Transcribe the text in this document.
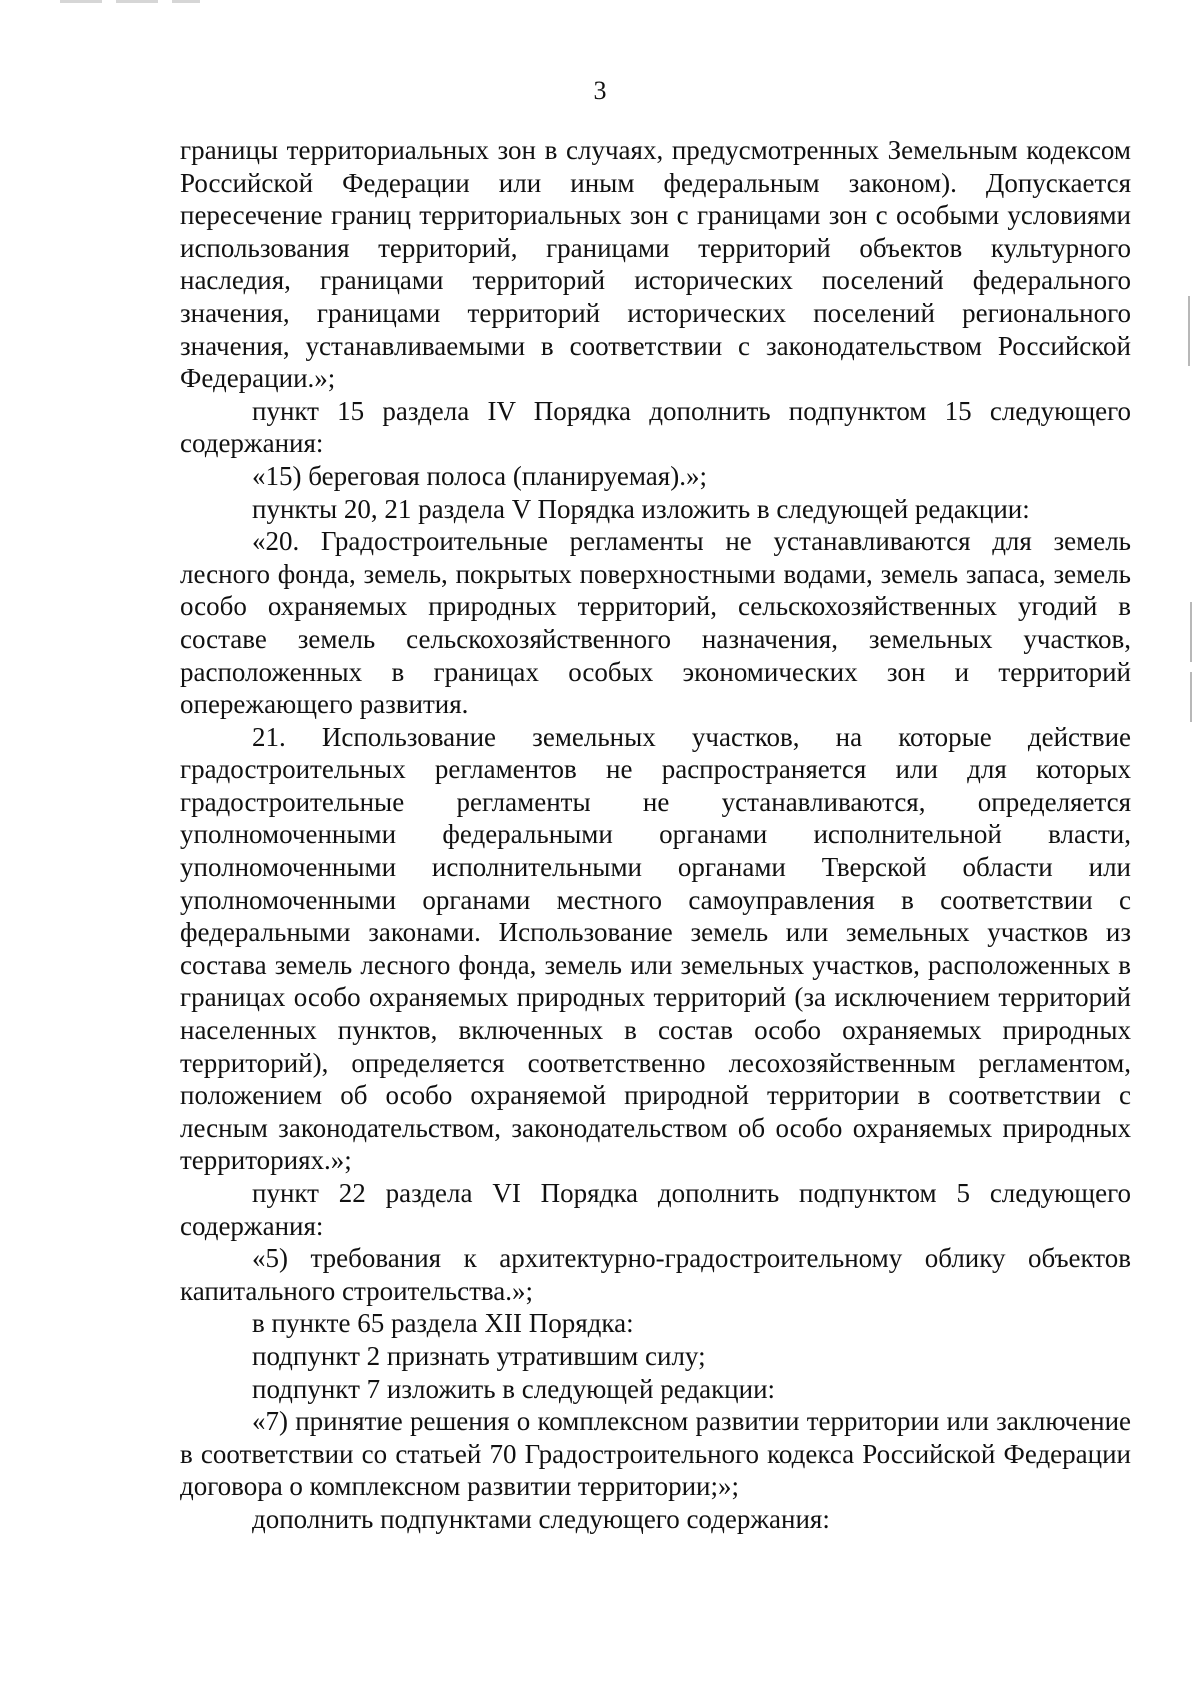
3

границы территориальных зон в случаях, предусмотренных Земельным кодексом Российской Федерации или иным федеральным законом). Допускается пересечение границ территориальных зон с границами зон с особыми условиями использования территорий, границами территорий объектов культурного наследия, границами территорий исторических поселений федерального значения, границами территорий исторических поселений регионального значения, устанавливаемыми в соответствии с законодательством Российской Федерации.»;

пункт 15 раздела IV Порядка дополнить подпунктом 15 следующего содержания:

«15) береговая полоса (планируемая).»;

пункты 20, 21 раздела V Порядка изложить в следующей редакции:

«20. Градостроительные регламенты не устанавливаются для земель лесного фонда, земель, покрытых поверхностными водами, земель запаса, земель особо охраняемых природных территорий, сельскохозяйственных угодий в составе земель сельскохозяйственного назначения, земельных участков, расположенных в границах особых экономических зон и территорий опережающего развития.

21. Использование земельных участков, на которые действие градостроительных регламентов не распространяется или для которых градостроительные регламенты не устанавливаются, определяется уполномоченными федеральными органами исполнительной власти, уполномоченными исполнительными органами Тверской области или уполномоченными органами местного самоуправления в соответствии с федеральными законами. Использование земель или земельных участков из состава земель лесного фонда, земель или земельных участков, расположенных в границах особо охраняемых природных территорий (за исключением территорий населенных пунктов, включенных в состав особо охраняемых природных территорий), определяется соответственно лесохозяйственным регламентом, положением об особо охраняемой природной территории в соответствии с лесным законодательством, законодательством об особо охраняемых природных территориях.»;

пункт 22 раздела VI Порядка дополнить подпунктом 5 следующего содержания:

«5) требования к архитектурно-градостроительному облику объектов капитального строительства.»;

в пункте 65 раздела XII Порядка:

подпункт 2 признать утратившим силу;

подпункт 7 изложить в следующей редакции:

«7) принятие решения о комплексном развитии территории или заключение в соответствии со статьей 70 Градостроительного кодекса Российской Федерации договора о комплексном развитии территории;»;

дополнить подпунктами следующего содержания:
